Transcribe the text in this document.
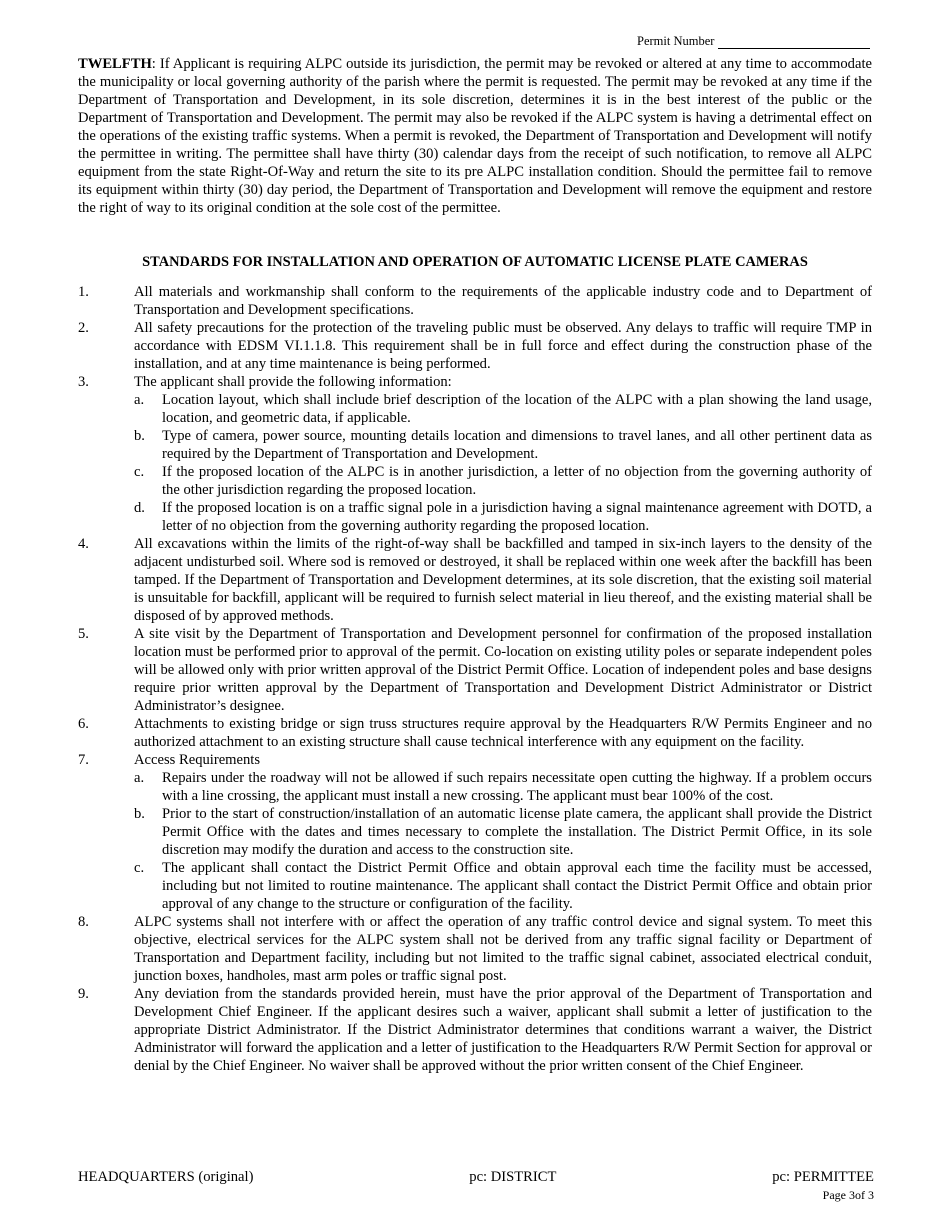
Permit Number

TWELFTH: If Applicant is requiring ALPC outside its jurisdiction, the permit may be revoked or altered at any time to accommodate the municipality or local governing authority of the parish where the permit is requested. The permit may be revoked at any time if the Department of Transportation and Development, in its sole discretion, determines it is in the best interest of the public or the Department of Transportation and Development. The permit may also be revoked if the ALPC system is having a detrimental effect on the operations of the existing traffic systems. When a permit is revoked, the Department of Transportation and Development will notify the permittee in writing. The permittee shall have thirty (30) calendar days from the receipt of such notification, to remove all ALPC equipment from the state Right-Of-Way and return the site to its pre ALPC installation condition. Should the permittee fail to remove its equipment within thirty (30) day period, the Department of Transportation and Development will remove the equipment and restore the right of way to its original condition at the sole cost of the permittee.

STANDARDS FOR INSTALLATION AND OPERATION OF AUTOMATIC LICENSE PLATE CAMERAS
1.	All materials and workmanship shall conform to the requirements of the applicable industry code and to Department of Transportation and Development specifications.
2.	All safety precautions for the protection of the traveling public must be observed. Any delays to traffic will require TMP in accordance with EDSM VI.1.1.8. This requirement shall be in full force and effect during the construction phase of the installation, and at any time maintenance is being performed.
3.	The applicant shall provide the following information:
a.	Location layout, which shall include brief description of the location of the ALPC with a plan showing the land usage, location, and geometric data, if applicable.
b.	Type of camera, power source, mounting details location and dimensions to travel lanes, and all other pertinent data as required by the Department of Transportation and Development.
c.	If the proposed location of the ALPC is in another jurisdiction, a letter of no objection from the governing authority of the other jurisdiction regarding the proposed location.
d.	If the proposed location is on a traffic signal pole in a jurisdiction having a signal maintenance agreement with DOTD, a letter of no objection from the governing authority regarding the proposed location.
4.	All excavations within the limits of the right-of-way shall be backfilled and tamped in six-inch layers to the density of the adjacent undisturbed soil. Where sod is removed or destroyed, it shall be replaced within one week after the backfill has been tamped. If the Department of Transportation and Development determines, at its sole discretion, that the existing soil material is unsuitable for backfill, applicant will be required to furnish select material in lieu thereof, and the existing material shall be disposed of by approved methods.
5.	A site visit by the Department of Transportation and Development personnel for confirmation of the proposed installation location must be performed prior to approval of the permit. Co-location on existing utility poles or separate independent poles will be allowed only with prior written approval of the District Permit Office. Location of independent poles and base designs require prior written approval by the Department of Transportation and Development District Administrator or District Administrator’s designee.
6.	Attachments to existing bridge or sign truss structures require approval by the Headquarters R/W Permits Engineer and no authorized attachment to an existing structure shall cause technical interference with any equipment on the facility.
7.	Access Requirements
a.	Repairs under the roadway will not be allowed if such repairs necessitate open cutting the highway. If a problem occurs with a line crossing, the applicant must install a new crossing. The applicant must bear 100% of the cost.
b.	Prior to the start of construction/installation of an automatic license plate camera, the applicant shall provide the District Permit Office with the dates and times necessary to complete the installation. The District Permit Office, in its sole discretion may modify the duration and access to the construction site.
c.	The applicant shall contact the District Permit Office and obtain approval each time the facility must be accessed, including but not limited to routine maintenance. The applicant shall contact the District Permit Office and obtain prior approval of any change to the structure or configuration of the facility.
8.	ALPC systems shall not interfere with or affect the operation of any traffic control device and signal system. To meet this objective, electrical services for the ALPC system shall not be derived from any traffic signal facility or Department of Transportation and Department facility, including but not limited to the traffic signal cabinet, associated electrical conduit, junction boxes, handholes, mast arm poles or traffic signal post.
9.	Any deviation from the standards provided herein, must have the prior approval of the Department of Transportation and Development Chief Engineer. If the applicant desires such a waiver, applicant shall submit a letter of justification to the appropriate District Administrator. If the District Administrator determines that conditions warrant a waiver, the District Administrator will forward the application and a letter of justification to the Headquarters R/W Permit Section for approval or denial by the Chief Engineer. No waiver shall be approved without the prior written consent of the Chief Engineer.
HEADQUARTERS (original)	pc: DISTRICT	pc: PERMITTEE
Page 3of 3
